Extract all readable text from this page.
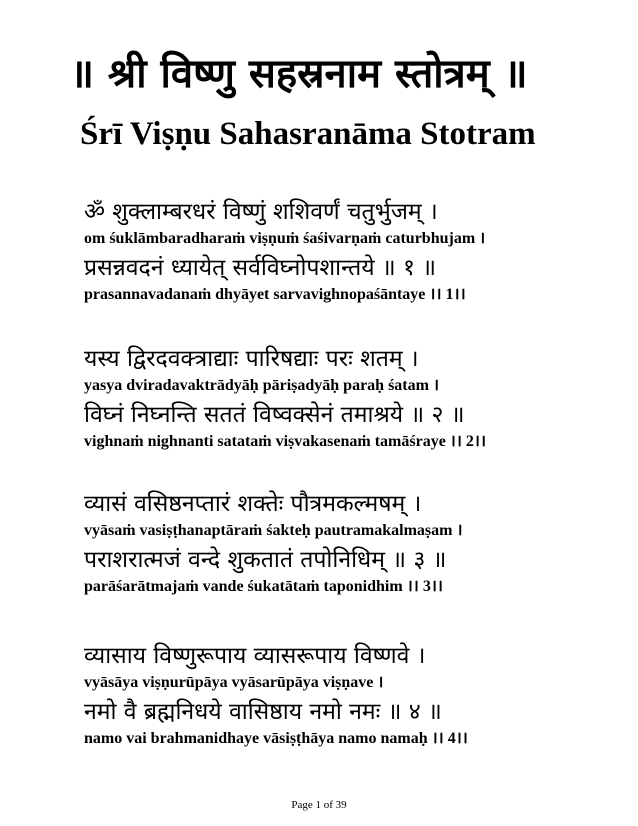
॥ श्री विष्णु सहस्रनाम स्तोत्रम् ॥
Śrī Viṣṇu Sahasranāma Stotram
ॐ शुक्लाम्बरधरं विष्णुं शशिवर्णं चतुर्भुजम् ।
om śuklāmbaradharaṁ viṣṇuṁ śaśivarṇaṁ caturbhujam ।
प्रसन्नवदनं ध्यायेत् सर्वविघ्नोपशान्तये ॥ १ ॥
prasannavadanaṁ dhyāyet sarvavighnopaśāntaye ।। 1।।
यस्य द्विरदवक्त्राद्याः पारिषद्याः परः शतम् ।
yasya dviradavaktrādyāḥ pāriṣadyāḥ paraḥ śatam ।
विघ्नं निघ्नन्ति सततं विष्वक्सेनं तमाश्रये ॥ २ ॥
vighnaṁ nighnanti satataṁ viṣvakasenaṁ tamāśraye ।। 2।।
व्यासं वसिष्ठनप्तारं शक्तेः पौत्रमकल्मषम् ।
vyāsaṁ vasiṣṭhanaptāraṁ śakteḥ pautramakalmaṣam ।
पराशरात्मजं वन्दे शुकतातं तपोनिधिम् ॥ ३ ॥
parāśarātmajaṁ vande śukatātaṁ taponidhim ।। 3।।
व्यासाय विष्णुरूपाय व्यासरूपाय विष्णवे ।
vyāsāya viṣṇurūpāya vyāsarūpāya viṣṇave ।
नमो वै ब्रह्मनिधये वासिष्ठाय नमो नमः ॥ ४ ॥
namo vai brahmanidhaye vāsiṣṭhāya namo namaḥ ।। 4।।
Page 1 of 39
